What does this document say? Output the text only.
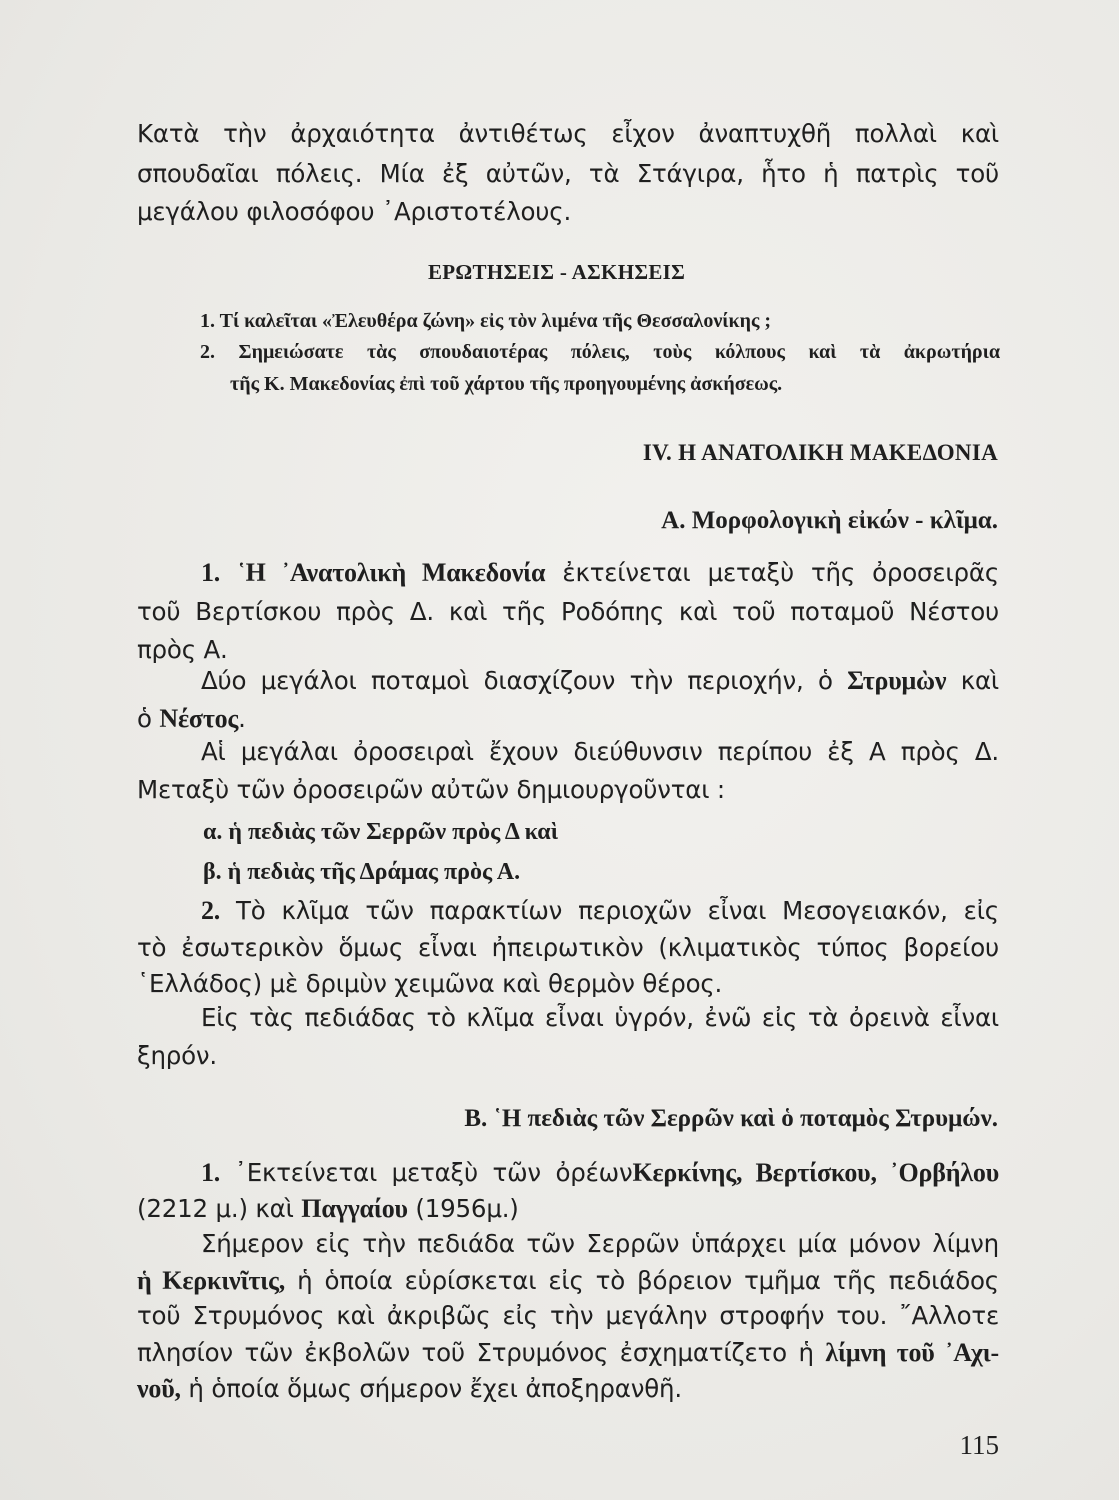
Κατὰ τὴν ἀρχαιότητα ἀντιθέτως εἶχον ἀναπτυχθῆ πολλαὶ καὶ
σπουδαῖαι πόλεις. Μία ἐξ αὐτῶν, τὰ Στάγιρα, ἧτο ἡ πατρὶς τοῦ
μεγάλου φιλοσόφου ᾿Αριστοτέλους.
ΕΡΩΤΗΣΕΙΣ - ΑΣΚΗΣΕΙΣ
1. Τί καλεῖται «Ἐλευθέρα ζώνη» εἰς τὸν λιμένα τῆς Θεσσαλονίκης ;
2. Σημειώσατε τὰς σπουδαιοτέρας πόλεις, τοὺς κόλπους καὶ τὰ ἀκρωτήρια
τῆς Κ. Μακεδονίας ἐπὶ τοῦ χάρτου τῆς προηγουμένης ἀσκήσεως.
IV. Η ΑΝΑΤΟΛΙΚΗ ΜΑΚΕΔΟΝΙΑ
Α. Μορφολογικὴ εἰκών - κλῖμα.
1. ῾Η ᾿Ανατολικὴ Μακεδονία ἐκτείνεται μεταξὺ τῆς ὀροσειρᾶς
τοῦ Βερτίσκου πρὸς Δ. καὶ τῆς Ροδόπης καὶ τοῦ ποταμοῦ Νέστου
πρὸς Α.
Δύο μεγάλοι ποταμοὶ διασχίζουν τὴν περιοχήν, ὁ Στρυμὼν καὶ
ὁ Νέστος.
Αἱ μεγάλαι ὀροσειραὶ ἔχουν διεύθυνσιν περίπου ἐξ Α πρὸς Δ.
Μεταξὺ τῶν ὀροσειρῶν αὐτῶν δημιουργοῦνται :
α. ἡ πεδιὰς τῶν Σερρῶν πρὸς Δ καὶ
β. ἡ πεδιὰς τῆς Δράμας πρὸς Α.
2. Τὸ κλῖμα τῶν παρακτίων περιοχῶν εἶναι Μεσογειακόν, εἰς
τὸ ἐσωτερικὸν ὅμως εἶναι ἠπειρωτικὸν (κλιματικὸς τύπος βορείου
῾Ελλάδος) μὲ δριμὺν χειμῶνα καὶ θερμὸν θέρος.
Εἰς τὰς πεδιάδας τὸ κλῖμα εἶναι ὑγρόν, ἐνῶ εἰς τὰ ὀρεινὰ εἶναι
ξηρόν.
Β. ῾Η πεδιὰς τῶν Σερρῶν καὶ ὁ ποταμὸς Στρυμών.
1. ᾿Εκτείνεται μεταξὺ τῶν ὀρέωνΚερκίνης, Βερτίσκου, ᾿Ορβήλου
(2212 μ.) καὶ Παγγαίου (1956μ.)
Σήμερον εἰς τὴν πεδιάδα τῶν Σερρῶν ὑπάρχει μία μόνον λίμνη
ἡ Κερκινῖτις, ἡ ὁποία εὑρίσκεται εἰς τὸ βόρειον τμῆμα τῆς πεδιάδος
τοῦ Στρυμόνος καὶ ἀκριβῶς εἰς τὴν μεγάλην στροφήν του. ῎Αλλοτε
πλησίον τῶν ἐκβολῶν τοῦ Στρυμόνος ἐσχηματίζετο ἡ λίμνη τοῦ ᾿Αχι-
νοῦ, ἡ ὁποία ὅμως σήμερον ἔχει ἀποξηρανθῆ.
115
